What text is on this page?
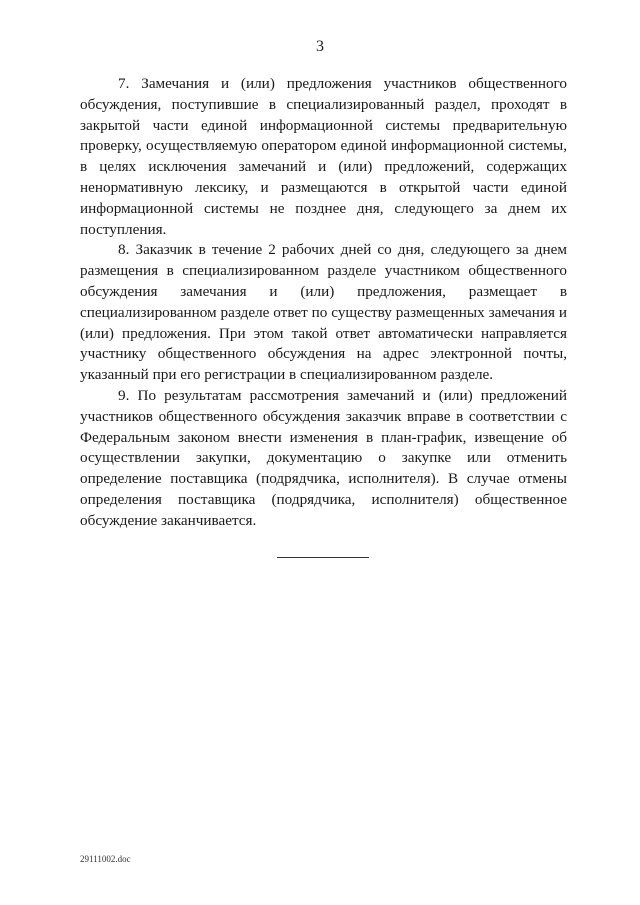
3

7. Замечания и (или) предложения участников общественного обсуждения, поступившие в специализированный раздел, проходят в закрытой части единой информационной системы предварительную проверку, осуществляемую оператором единой информационной системы, в целях исключения замечаний и (или) предложений, содержащих ненормативную лексику, и размещаются в открытой части единой информационной системы не позднее дня, следующего за днем их поступления.

8. Заказчик в течение 2 рабочих дней со дня, следующего за днем размещения в специализированном разделе участником общественного обсуждения замечания и (или) предложения, размещает в специализированном разделе ответ по существу размещенных замечания и (или) предложения. При этом такой ответ автоматически направляется участнику общественного обсуждения на адрес электронной почты, указанный при его регистрации в специализированном разделе.

9. По результатам рассмотрения замечаний и (или) предложений участников общественного обсуждения заказчик вправе в соответствии с Федеральным законом внести изменения в план-график, извещение об осуществлении закупки, документацию о закупке или отменить определение поставщика (подрядчика, исполнителя). В случае отмены определения поставщика (подрядчика, исполнителя) общественное обсуждение заканчивается.

29111002.doc
